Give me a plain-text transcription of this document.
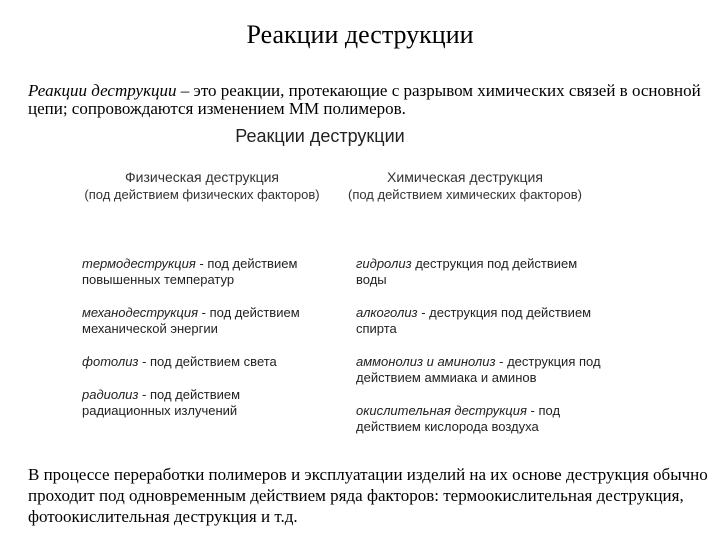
Реакции деструкции
Реакции деструкции – это реакции, протекающие с разрывом химических связей в основной цепи; сопровождаются изменением ММ полимеров.
Реакции деструкции
Физическая деструкция
(под действием физических факторов)
Химическая деструкция
(под действием химических факторов)
термодеструкция - под действием повышенных температур
механодеструкция - под действием механической энергии
фотолиз - под действием света
радиолиз - под действием радиационных излучений
гидролиз деструкция под действием воды
алкоголиз - деструкция под действием спирта
аммонолиз и аминолиз - деструкция под действием аммиака и аминов
окислительная деструкция - под действием кислорода воздуха
В процессе переработки полимеров и эксплуатации изделий на их основе деструкция обычно проходит под одновременным действием ряда факторов: термоокислительная деструкция, фотоокислительная деструкция и т.д.
